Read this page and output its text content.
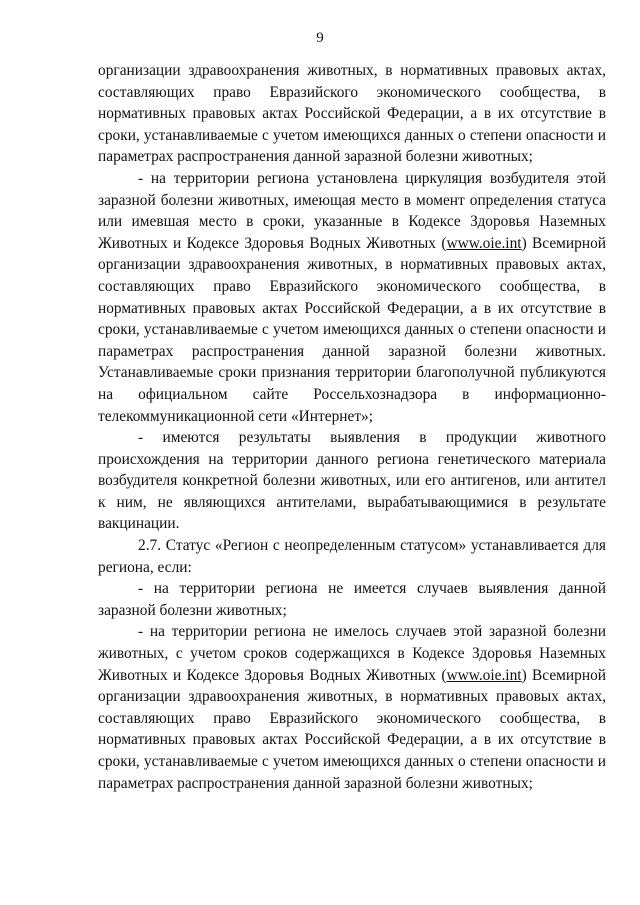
9

организации здравоохранения животных, в нормативных правовых актах, составляющих право Евразийского экономического сообщества, в нормативных правовых актах Российской Федерации, а в их отсутствие в сроки, устанавливаемые с учетом имеющихся данных о степени опасности и параметрах распространения данной заразной болезни животных;

- на территории региона установлена циркуляция возбудителя этой заразной болезни животных, имеющая место в момент определения статуса или имевшая место в сроки, указанные в Кодексе Здоровья Наземных Животных и Кодексе Здоровья Водных Животных (www.oie.int) Всемирной организации здравоохранения животных, в нормативных правовых актах, составляющих право Евразийского экономического сообщества, в нормативных правовых актах Российской Федерации, а в их отсутствие в сроки, устанавливаемые с учетом имеющихся данных о степени опасности и параметрах распространения данной заразной болезни животных. Устанавливаемые сроки признания территории благополучной публикуются на официальном сайте Россельхознадзора в информационно-телекоммуникационной сети «Интернет»;

- имеются результаты выявления в продукции животного происхождения на территории данного региона генетического материала возбудителя конкретной болезни животных, или его антигенов, или антител к ним, не являющихся антителами, вырабатывающимися в результате вакцинации.

2.7. Статус «Регион с неопределенным статусом» устанавливается для региона, если:

- на территории региона не имеется случаев выявления данной заразной болезни животных;

- на территории региона не имелось случаев этой заразной болезни животных, с учетом сроков содержащихся в Кодексе Здоровья Наземных Животных и Кодексе Здоровья Водных Животных (www.oie.int) Всемирной организации здравоохранения животных, в нормативных правовых актах, составляющих право Евразийского экономического сообщества, в нормативных правовых актах Российской Федерации, а в их отсутствие в сроки, устанавливаемые с учетом имеющихся данных о степени опасности и параметрах распространения данной заразной болезни животных;
